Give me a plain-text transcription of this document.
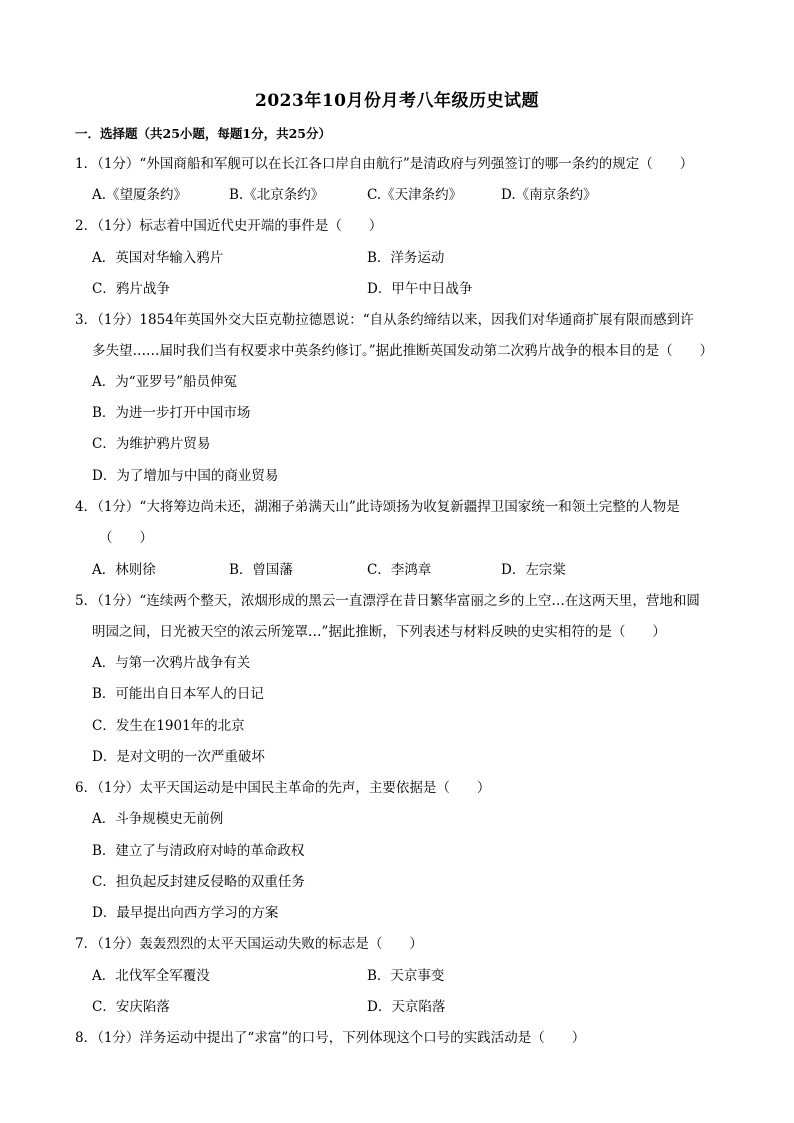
2023年10月份月考八年级历史试题
一．选择题（共25小题，每题1分，共25分）
1．（1分）“外国商船和军舰可以在长江各口岸自由航行”是清政府与列强签订的哪一条约的规定（　　）
A.《望厦条约》	B.《北京条约》	C.《天津条约》	D.《南京条约》
2．（1分）标志着中国近代史开端的事件是（　　）
A．英国对华输入鸦片	B．洋务运动
C．鸦片战争	D．甲午中日战争
3．（1分）1854年英国外交大臣克勒拉德恩说：“自从条约缔结以来，因我们对华通商扩展有限而感到许
多失望……届时我们当有权要求中英条约修订。”据此推断英国发动第二次鸦片战争的根本目的是（　　）
A．为“亚罗号”船员伸冤
B．为进一步打开中国市场
C．为维护鸦片贸易
D．为了增加与中国的商业贸易
4．（1分）“大将筹边尚未还，湖湘子弟满天山”此诗颂扬为收复新疆捍卫国家统一和领土完整的人物是
（　　）
A．林则徐	B．曾国藩	C．李鸿章	D．左宗棠
5．（1分）“连续两个整天，浓烟形成的黑云一直漂浮在昔日繁华富丽之乡的上空…在这两天里，营地和圆
明园之间，日光被天空的浓云所笼罩…”据此推断，下列表述与材料反映的史实相符的是（　　）
A．与第一次鸦片战争有关
B．可能出自日本军人的日记
C．发生在1901年的北京
D．是对文明的一次严重破坏
6．（1分）太平天国运动是中国民主革命的先声，主要依据是（　　）
A．斗争规模史无前例
B．建立了与清政府对峙的革命政权
C．担负起反封建反侵略的双重任务
D．最早提出向西方学习的方案
7．（1分）轰轰烈烈的太平天国运动失败的标志是（　　）
A．北伐军全军覆没	B．天京事变
C．安庆陷落	D．天京陷落
8．（1分）洋务运动中提出了“求富”的口号，下列体现这个口号的实践活动是（　　）
